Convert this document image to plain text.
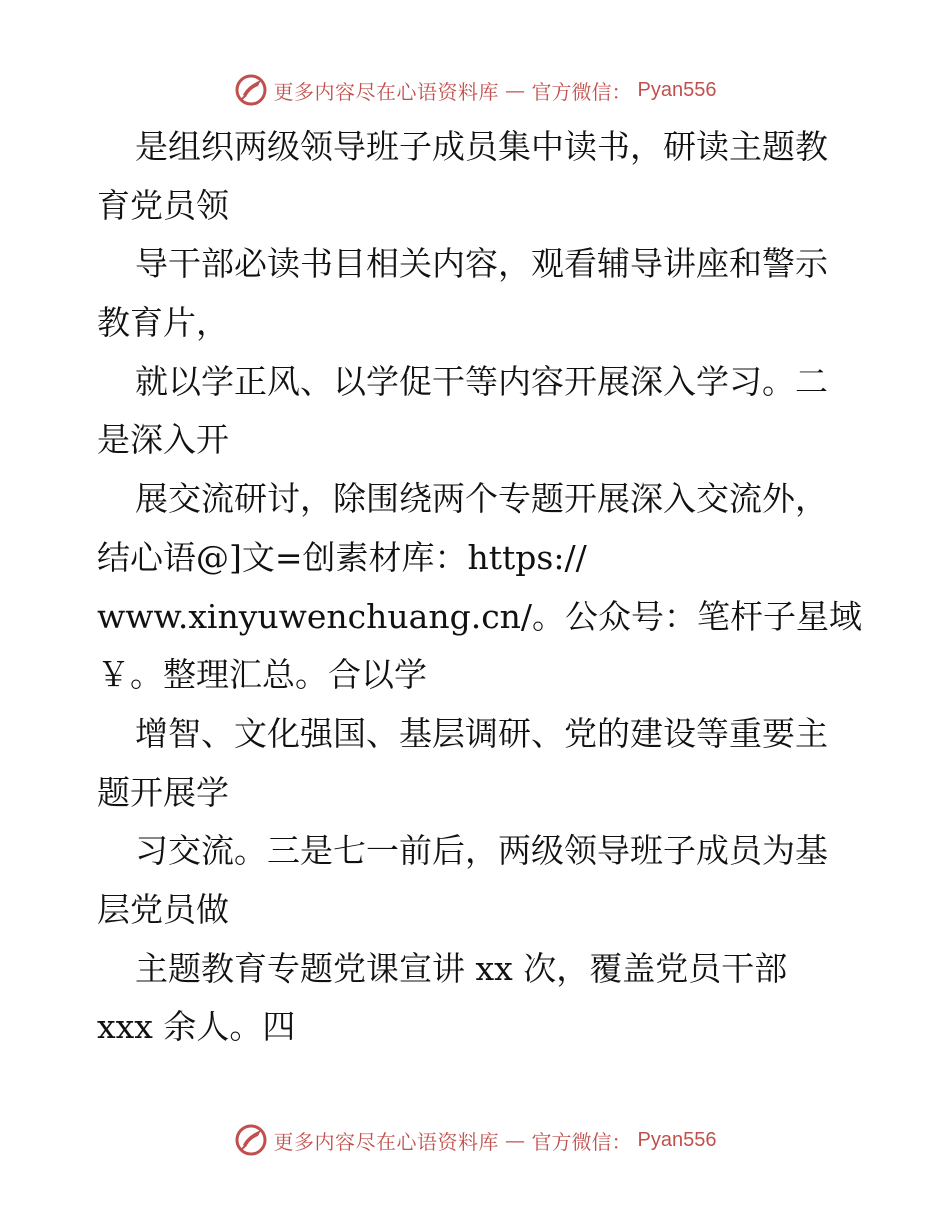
更多内容尽在心语资料库 — 官方微信： Pyan556
是组织两级领导班子成员集中读书，研读主题教
育党员领
导干部必读书目相关内容，观看辅导讲座和警示
教育片，
就以学正风、以学促干等内容开展深入学习。二
是深入开
展交流研讨，除围绕两个专题开展深入交流外，
结心语@]文=创素材库：https://
www.xinyuwenchuang.cn/。公众号：笔杆子星域
￥。整理汇总。合以学
增智、文化强国、基层调研、党的建设等重要主
题开展学
习交流。三是七一前后，两级领导班子成员为基
层党员做
主题教育专题党课宣讲 xx 次，覆盖党员干部
xxx 余人。四
更多内容尽在心语资料库 — 官方微信： Pyan556
